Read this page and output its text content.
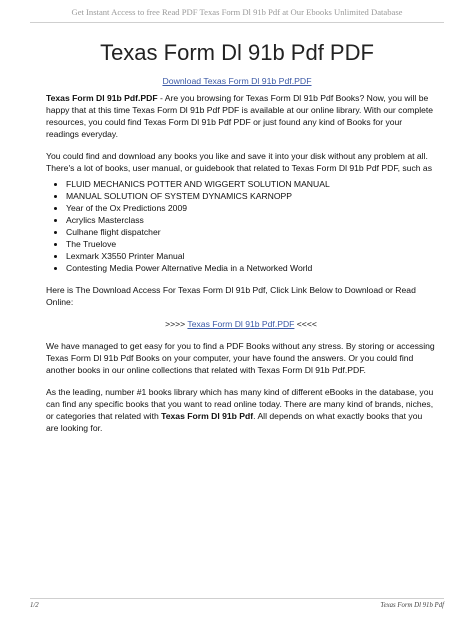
Get Instant Access to free Read PDF Texas Form Dl 91b Pdf at Our Ebooks Unlimited Database
Texas Form Dl 91b Pdf PDF
Download Texas Form Dl 91b Pdf.PDF

Texas Form Dl 91b Pdf.PDF - Are you browsing for Texas Form Dl 91b Pdf Books? Now, you will be happy that at this time Texas Form Dl 91b Pdf PDF is available at our online library. With our complete resources, you could find Texas Form Dl 91b Pdf PDF or just found any kind of Books for your readings everyday.

You could find and download any books you like and save it into your disk without any problem at all. There's a lot of books, user manual, or guidebook that related to Texas Form Dl 91b Pdf PDF, such as

• FLUID MECHANICS POTTER AND WIGGERT SOLUTION MANUAL
• MANUAL SOLUTION OF SYSTEM DYNAMICS KARNOPP
• Year of the Ox Predictions 2009
• Acrylics Masterclass
• Culhane flight dispatcher
• The Truelove
• Lexmark X3550 Printer Manual
• Contesting Media Power Alternative Media in a Networked World

Here is The Download Access For Texas Form Dl 91b Pdf, Click Link Below to Download or Read Online:

>>>> Texas Form Dl 91b Pdf.PDF <<<<

We have managed to get easy for you to find a PDF Books without any stress. By storing or accessing Texas Form Dl 91b Pdf Books on your computer, your have found the answers. Or you could find another books in our online collections that related with Texas Form Dl 91b Pdf.PDF.

As the leading, number #1 books library which has many kind of different eBooks in the database, you can find any specific books that you want to read online today. There are many kind of brands, niches, or categories that related with Texas Form Dl 91b Pdf. All depends on what exactly books that you are looking for.

1/2	Texas Form Dl 91b Pdf
